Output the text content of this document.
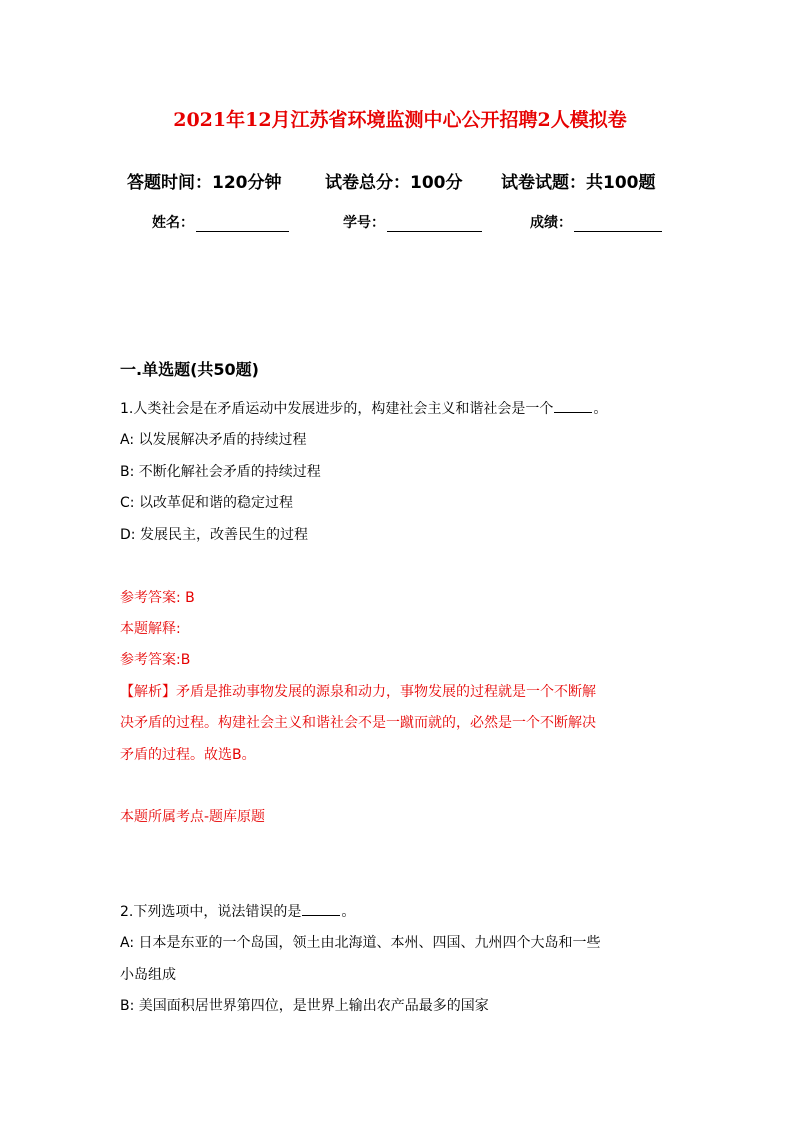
2021年12月江苏省环境监测中心公开招聘2人模拟卷
答题时间：120分钟	试卷总分：100分 试卷试题：共100题
姓名：	学号：	成绩：
一.单选题(共50题)
1.人类社会是在矛盾运动中发展进步的，构建社会主义和谐社会是一个	。
A: 以发展解决矛盾的持续过程
B: 不断化解社会矛盾的持续过程
C: 以改革促和谐的稳定过程
D: 发展民主，改善民生的过程
参考答案: B
本题解释:
参考答案:B
【解析】矛盾是推动事物发展的源泉和动力，事物发展的过程就是一个不断解
决矛盾的过程。构建社会主义和谐社会不是一蹴而就的，必然是一个不断解决
矛盾的过程。故选B。
本题所属考点-题库原题
2.下列选项中，说法错误的是	。
A: 日本是东亚的一个岛国，领土由北海道、本州、四国、九州四个大岛和一些
小岛组成
B: 美国面积居世界第四位，是世界上输出农产品最多的国家
